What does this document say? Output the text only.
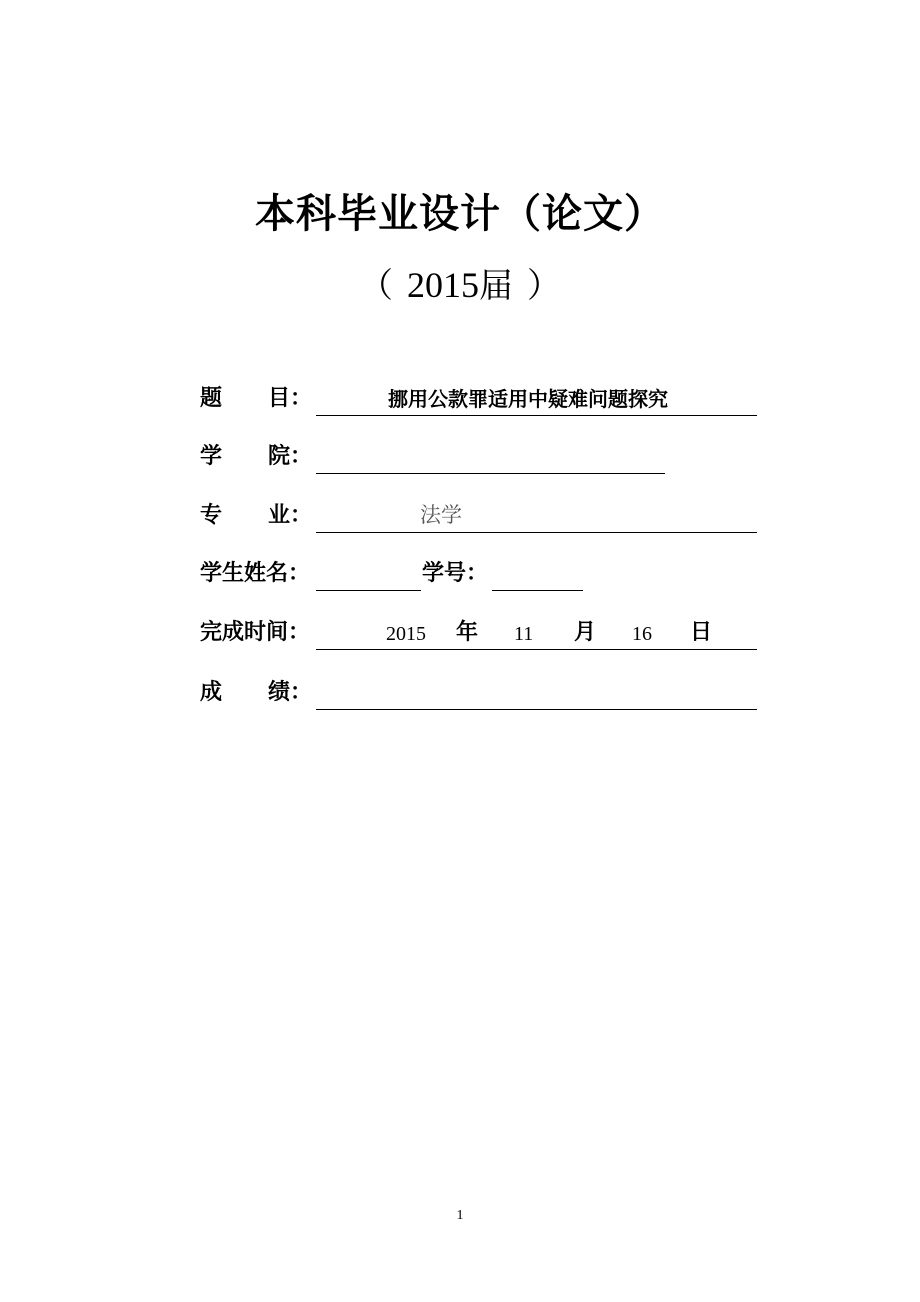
本科毕业设计（论文）
（ 2015届 ）
题 目：	挪用公款罪适用中疑难问题探究
学 院：
专 业：	法学
学生姓名：	学号：
完成时间：	2015 年 11 月 16 日
成 绩：
1
